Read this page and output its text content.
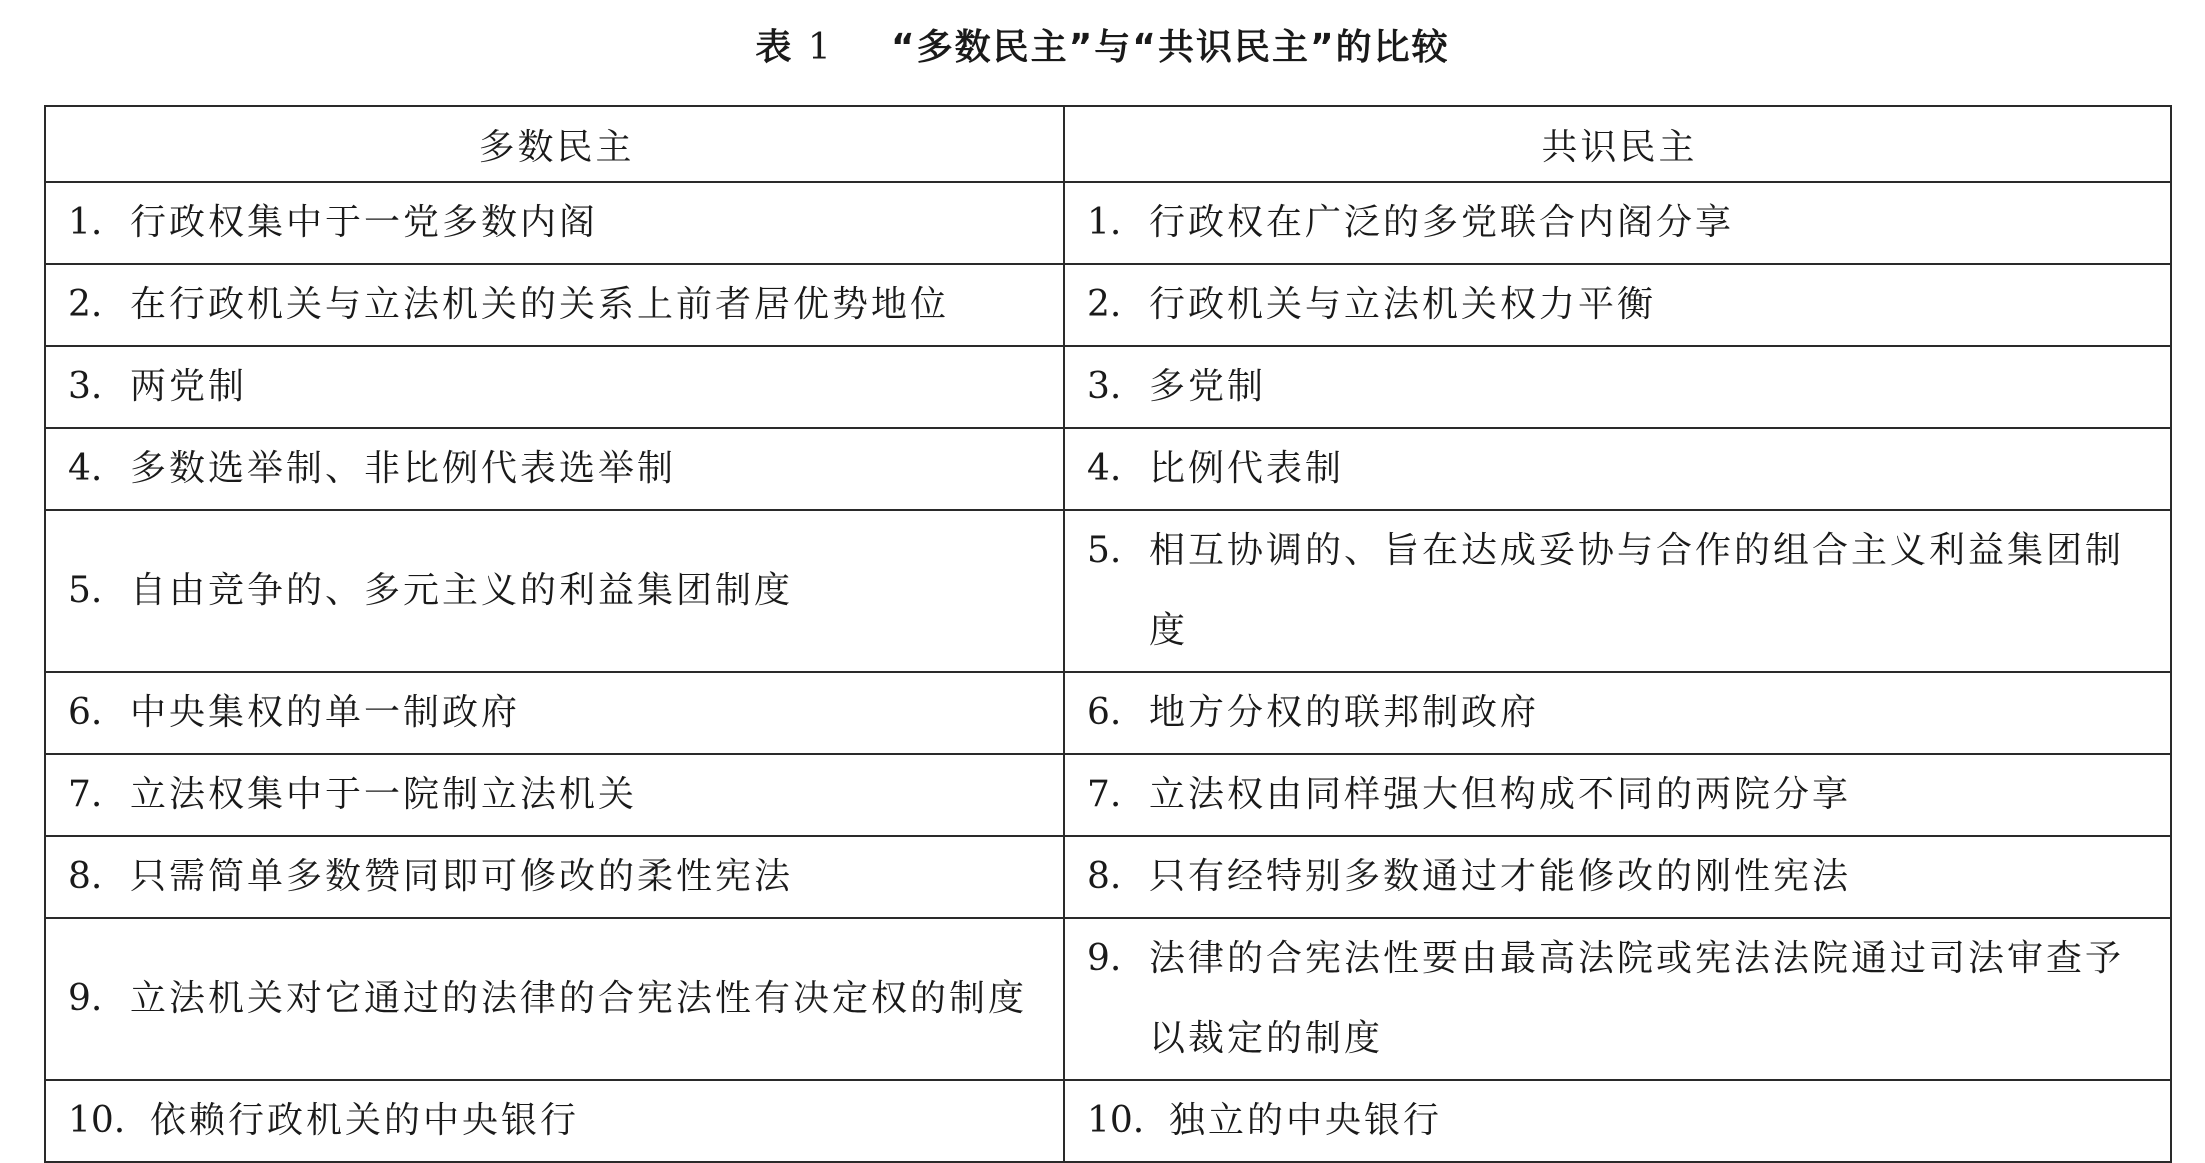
表 1 “多数民主”与“共识民主”的比较
多数民主	共识民主

1. 行政权集中于一党多数内阁	1. 行政权在广泛的多党联合内阁分享

2. 在行政机关与立法机关的关系上前者居优势地位	2. 行政机关与立法机关权力平衡

3. 两党制	3. 多党制

4. 多数选举制、非比例代表选举制	4. 比例代表制

5. 自由竞争的、多元主义的利益集团制度	5. 相互协调的、旨在达成妥协与合作的组合主义利益集团制度

6. 中央集权的单一制政府	6. 地方分权的联邦制政府

7. 立法权集中于一院制立法机关	7. 立法权由同样强大但构成不同的两院分享

8. 只需简单多数赞同即可修改的柔性宪法	8. 只有经特别多数通过才能修改的刚性宪法

9. 立法机关对它通过的法律的合宪法性有决定权的制度	9. 法律的合宪法性要由最高法院或宪法法院通过司法审查予以裁定的制度

10. 依赖行政机关的中央银行	10. 独立的中央银行
